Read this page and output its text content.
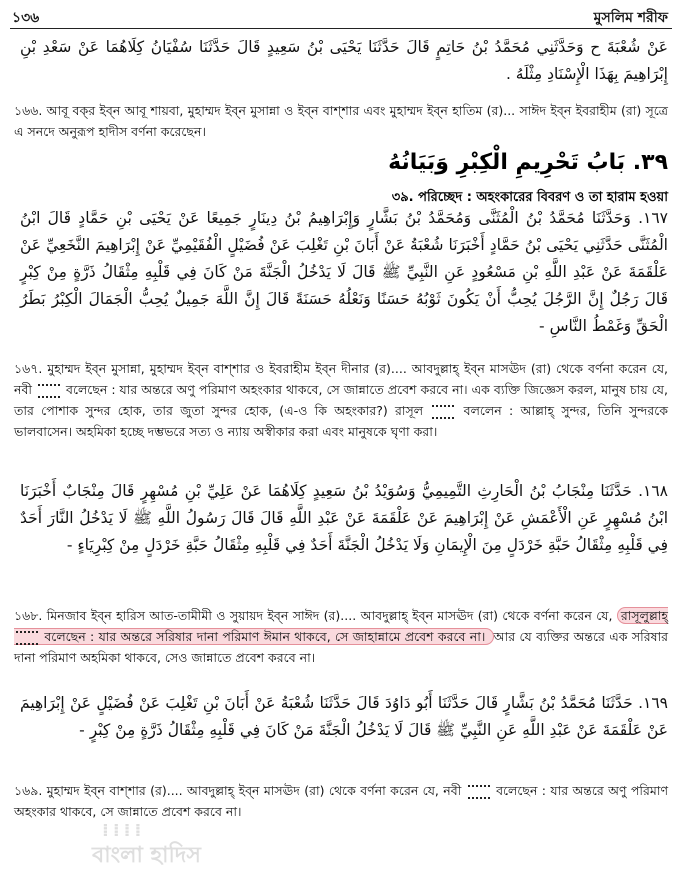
১৩৬	মুসলিম শরীফ
عَنْ شُعْبَةَ ح وَحَدَّثَنِي مُحَمَّدُ بْنُ حَاتِمٍ قَالَ حَدَّثَنَا يَحْيَى بْنُ سَعِيدٍ قَالَ حَدَّثَنَا سُفْيَانُ كِلَاهُمَا عَنْ سَعْدِ بْنِ إِبْرَاهِيمَ بِهَذَا الْإِسْنَادِ مِثْلَهُ .
১৬৬. আবূ বক্‌র ইব্‌ন আবূ শায়বা, মুহাম্মদ ইব্‌ন মুসান্না ও ইব্‌ন বাশ্‌শার এবং মুহাম্মদ ইব্‌ন হাতিম (র)... সাঈদ ইব্‌ন ইবরাহীম (রা) সূত্রে এ সনদে অনুরূপ হাদীস বর্ণনা করেছেন।
٣٩. بَابُ تَحْرِيمِ الْكِبْرِ وَبَيَانُهُ
৩৯. পরিচ্ছেদ : অহংকারের বিবরণ ও তা হারাম হওয়া
١٦٧. وَحَدَّثَنَا مُحَمَّدُ بْنُ الْمُثَنَّى وَمُحَمَّدُ بْنُ بَشَّارٍ وَإِبْرَاهِيمُ بْنُ دِينَارٍ جَمِيعًا عَنْ يَحْيَى بْنِ حَمَّادٍ قَالَ ابْنُ الْمُثَنَّى حَدَّثَنِي يَحْيَى بْنُ حَمَّادٍ أَخْبَرَنَا شُعْبَةُ عَنْ أَبَانَ بْنِ تَغْلِبَ عَنْ فُضَيْلٍ الْفُقَيْمِيِّ عَنْ إِبْرَاهِيمَ النَّخَعِيِّ عَنْ عَلْقَمَةَ عَنْ عَبْدِ اللَّهِ بْنِ مَسْعُودٍ عَنِ النَّبِيِّ ﷺ قَالَ لَا يَدْخُلُ الْجَنَّةَ مَنْ كَانَ فِي قَلْبِهِ مِثْقَالُ ذَرَّةٍ مِنْ كِبْرٍ قَالَ رَجُلٌ إِنَّ الرَّجُلَ يُحِبُّ أَنْ يَكُونَ ثَوْبُهُ حَسَنًا وَنَعْلُهُ حَسَنَةً قَالَ إِنَّ اللَّهَ جَمِيلٌ يُحِبُّ الْجَمَالَ الْكِبْرُ بَطَرُ الْحَقِّ وَغَمْطُ النَّاسِ -
১৬৭. মুহাম্মদ ইব্‌ন মুসান্না, মুহাম্মদ ইব্‌ন বাশ্‌শার ও ইবরাহীম ইব্‌ন দীনার (র).... আবদুল্লাহ্ ইব্‌ন মাসঊদ (রা) থেকে বর্ণনা করেন যে, নবী	বলেছেন : যার অন্তরে অণু পরিমাণ অহংকার থাকবে, সে জান্নাতে প্রবেশ করবে না। এক ব্যক্তি জিজ্ঞেস করল, মানুষ চায় যে, তার পোশাক সুন্দর হোক, তার জুতা সুন্দর হোক, (এ-ও কি অহংকার?) রাসূল	বললেন : আল্লাহ্ সুন্দর, তিনি সুন্দরকে ভালবাসেন। অহমিকা হচ্ছে দম্ভভরে সত্য ও ন্যায় অস্বীকার করা এবং মানুষকে ঘৃণা করা।
١٦٨. حَدَّثَنَا مِنْجَابُ بْنُ الْحَارِثِ التَّمِيمِيُّ وَسُوَيْدُ بْنُ سَعِيدٍ كِلَاهُمَا عَنْ عَلِيِّ بْنِ مُسْهِرٍ قَالَ مِنْجَابٌ أَخْبَرَنَا ابْنُ مُسْهِرٍ عَنِ الْأَعْمَشِ عَنْ إِبْرَاهِيمَ عَنْ عَلْقَمَةَ عَنْ عَبْدِ اللَّهِ قَالَ قَالَ رَسُولُ اللَّهِ ﷺ لَا يَدْخُلُ النَّارَ أَحَدٌ فِي قَلْبِهِ مِثْقَالُ حَبَّةِ خَرْدَلٍ مِنَ الْإِيمَانِ وَلَا يَدْخُلُ الْجَنَّةَ أَحَدٌ فِي قَلْبِهِ مِثْقَالُ حَبَّةِ خَرْدَلٍ مِنْ كِبْرِيَاءٍ -
১৬৮. মিনজাব ইব্‌ন হারিস আত-তামীমী ও সুয়ায়দ ইব্‌ন সাঈদ (র).... আবদুল্লাহ্ ইব্‌ন মাসঊদ (রা) থেকে বর্ণনা করেন যে, রাসূলুল্লাহ্  বলেছেন : যার অন্তরে সরিষার দানা পরিমাণ ঈমান থাকবে, সে জাহান্নামে প্রবেশ করবে না। আর যে ব্যক্তির অন্তরে এক সরিষার দানা পরিমাণ অহমিকা থাকবে, সেও জান্নাতে প্রবেশ করবে না।
١٦٩. حَدَّثَنَا مُحَمَّدُ بْنُ بَشَّارٍ قَالَ حَدَّثَنَا أَبُو دَاوُدَ قَالَ حَدَّثَنَا شُعْبَةُ عَنْ أَبَانَ بْنِ تَغْلِبَ عَنْ فُضَيْلٍ عَنْ إِبْرَاهِيمَ عَنْ عَلْقَمَةَ عَنْ عَبْدِ اللَّهِ عَنِ النَّبِيِّ ﷺ قَالَ لَا يَدْخُلُ الْجَنَّةَ مَنْ كَانَ فِي قَلْبِهِ مِثْقَالُ ذَرَّةٍ مِنْ كِبْرٍ -
১৬৯. মুহাম্মদ ইব্‌ন বাশ্‌শার (র).... আবদুল্লাহ্ ইব্‌ন মাসঊদ (রা) থেকে বর্ণনা করেন যে, নবী	বলেছেন : যার অন্তরে অণু পরিমাণ অহংকার থাকবে, সে জান্নাতে প্রবেশ করবে না।
⁞⁞⁞⁞
বাংলা হাদিস
